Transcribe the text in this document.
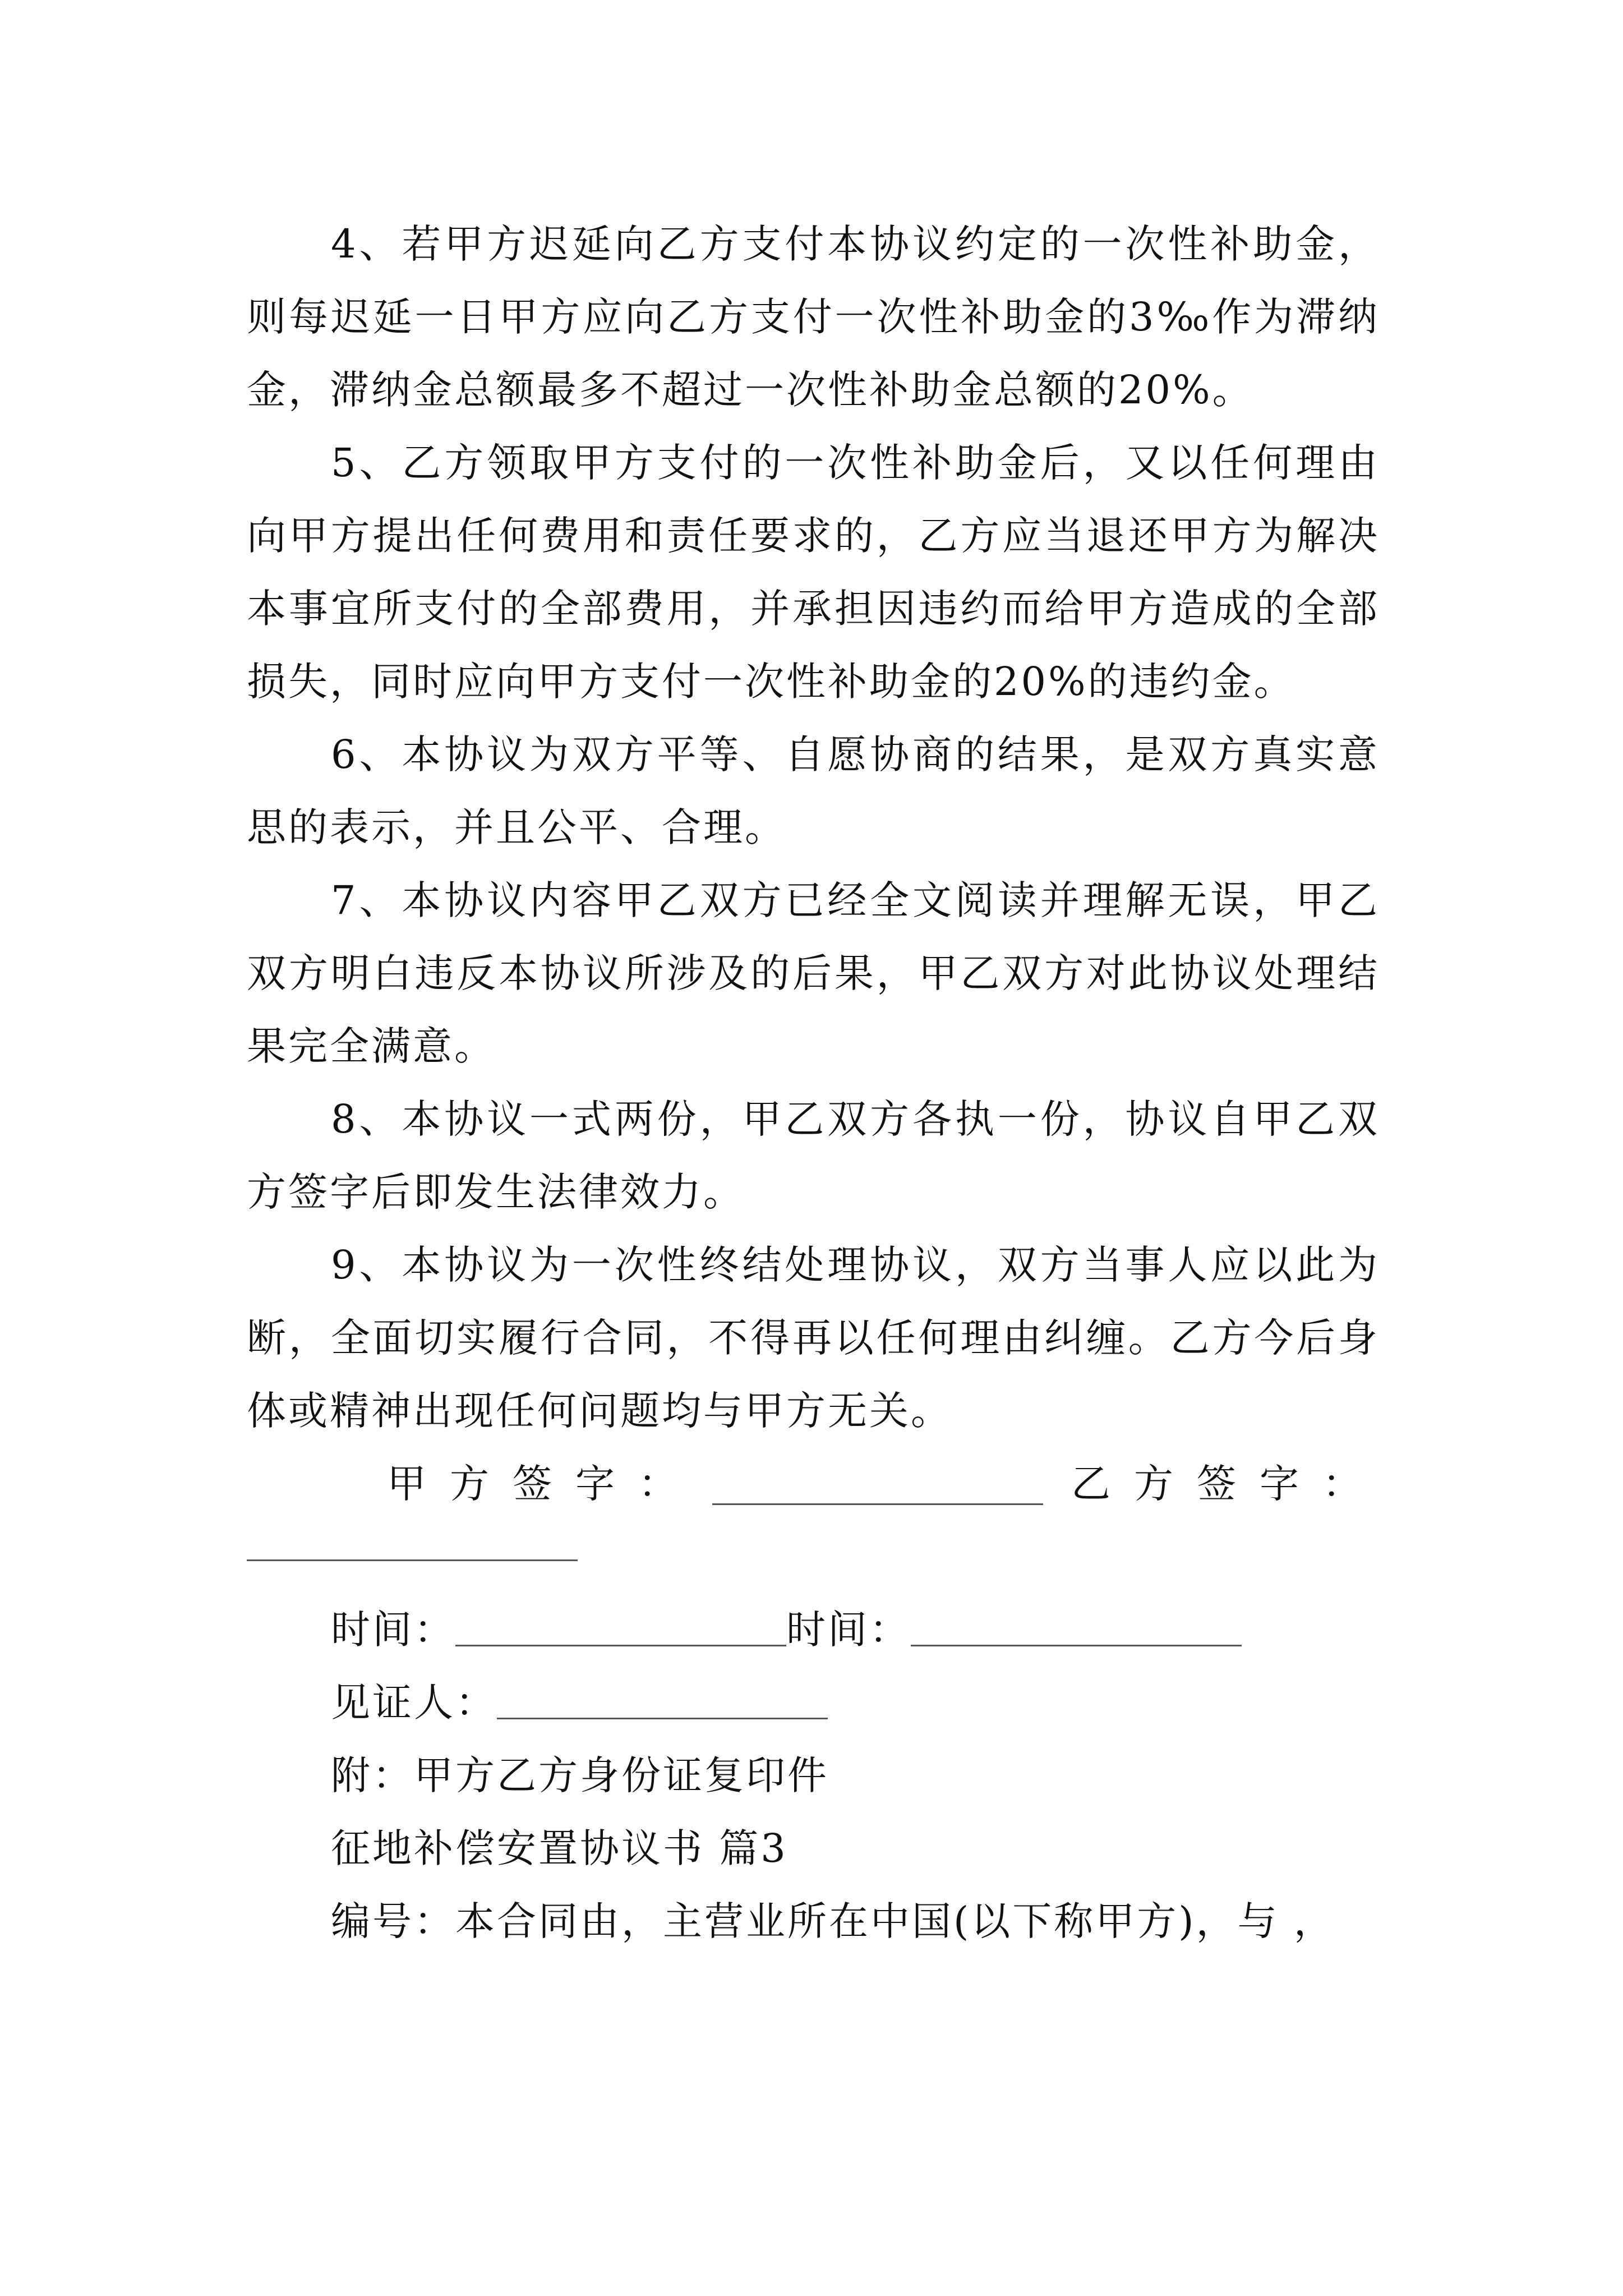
4、若甲方迟延向乙方支付本协议约定的一次性补助金，则每迟延一日甲方应向乙方支付一次性补助金的3‰作为滞纳金，滞纳金总额最多不超过一次性补助金总额的20%。

5、乙方领取甲方支付的一次性补助金后，又以任何理由向甲方提出任何费用和责任要求的，乙方应当退还甲方为解决本事宜所支付的全部费用，并承担因违约而给甲方造成的全部损失，同时应向甲方支付一次性补助金的20%的违约金。

6、本协议为双方平等、自愿协商的结果，是双方真实意思的表示，并且公平、合理。

7、本协议内容甲乙双方已经全文阅读并理解无误，甲乙双方明白违反本协议所涉及的后果，甲乙双方对此协议处理结果完全满意。

8、本协议一式两份，甲乙双方各执一份，协议自甲乙双方签字后即发生法律效力。

9、本协议为一次性终结处理协议，双方当事人应以此为断，全面切实履行合同，不得再以任何理由纠缠。乙方今后身体或精神出现任何问题均与甲方无关。

甲方签字：	乙方签字：
时间：	时间：
见证人：
附：甲方乙方身份证复印件
征地补偿安置协议书 篇3
编号：本合同由，主营业所在中国(以下称甲方)，与 ，
